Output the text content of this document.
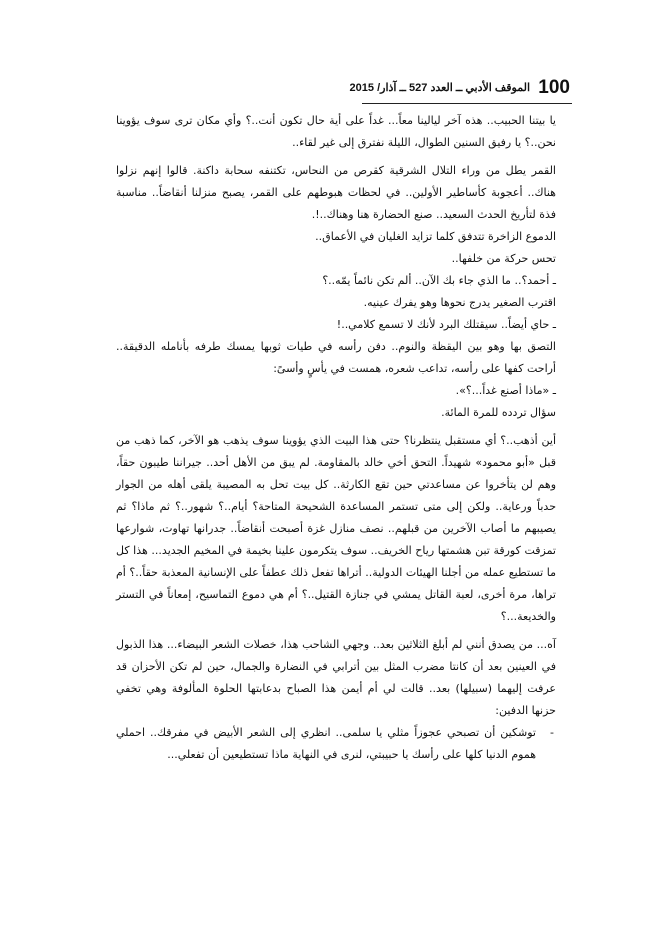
100
الموقف الأدبي ــ العدد 527 ــ آذار/ 2015

يا بيتنا الحبيب.. هذه آخر ليالينا معاً... غداً على أية حال تكون أنت..؟ وأي مكان ترى سوف يؤوينا نحن..؟ يا رفيق السنين الطوال، الليلة نفترق إلى غير لقاء..

القمر يطل من وراء التلال الشرقية كقرص من النحاس، تكتنفه سحابة داكنة. قالوا إنهم نزلوا هناك.. أعجوبة كأساطير الأولين.. في لحظات هبوطهم على القمر، يصبح منزلنا أنقاضاً.. مناسبة فذة لتأريخ الحدث السعيد.. صنع الحضارة هنا وهناك..!.

الدموع الزاخرة تتدفق كلما تزايد الغليان في الأعماق..

تحس حركة من خلفها..

ـ أحمد؟.. ما الذي جاء بك الآن.. ألم تكن نائماً يمّه..؟

اقترب الصغير يدرج نحوها وهو يفرك عينيه.

ـ حاي أيضاً.. سيقتلك البرد لأنك لا تسمع كلامي..!

التصق بها وهو بين اليقظة والنوم.. دفن رأسه في طيات ثوبها يمسك طرفه بأنامله الدقيقة.. أراحت كفها على رأسه، تداعب شعره، همست في يأسٍ وأسىً:

ـ «ماذا أصنع غداً...؟».

سؤال تردده للمرة المائة.

أين أذهب..؟ أي مستقبل ينتظرنا؟ حتى هذا البيت الذي يؤوينا سوف يذهب هو الآخر، كما ذهب من قبل «أبو محمود» شهيداً. التحق أخي خالد بالمقاومة. لم يبق من الأهل أحد.. جيراننا طيبون حقاً، وهم لن يتأخروا عن مساعدتي حين تقع الكارثة.. كل بيت تحل به المصيبة يلقى أهله من الجوار حدباً ورعاية.. ولكن إلى متى تستمر المساعدة الشحيحة المتاحة؟ أيام..؟ شهور..؟ ثم ماذا؟ ثم يصيبهم ما أصاب الآخرين من قبلهم.. نصف منازل غزة أصبحت أنقاضاً.. جدرانها تهاوت، شوارعها تمزقت كورقة تبن هشمتها رياح الخريف.. سوف يتكرمون علينا بخيمة في المخيم الجديد... هذا كل ما تستطيع عمله من أجلنا الهيئات الدولية.. أتراها تفعل ذلك عطفاً على الإنسانية المعذبة حقاً..؟ أم تراها، مرة أخرى، لعبة القاتل يمشي في جنازة القتيل..؟ أم هي دموع التماسيح، إمعاناً في التستر والخديعة...؟

آه... من يصدق أنني لم أبلغ الثلاثين بعد.. وجهي الشاحب هذا، خصلات الشعر البيضاء... هذا الذبول في العينين بعد أن كانتا مضرب المثل بين أترابي في النضارة والجمال، حين لم تكن الأحزان قد عرفت إليهما (سبيلها) بعد.. قالت لي أم أيمن هذا الصباح بدعابتها الحلوة المألوفة وهي تخفي حزنها الدفين:

-
توشكين أن تصبحي عجوزاً مثلي يا سلمى.. انظري إلى الشعر الأبيض في مفرقك.. احملي هموم الدنيا كلها على رأسك يا حبيبتي، لنرى في النهاية ماذا تستطيعين أن تفعلي...
